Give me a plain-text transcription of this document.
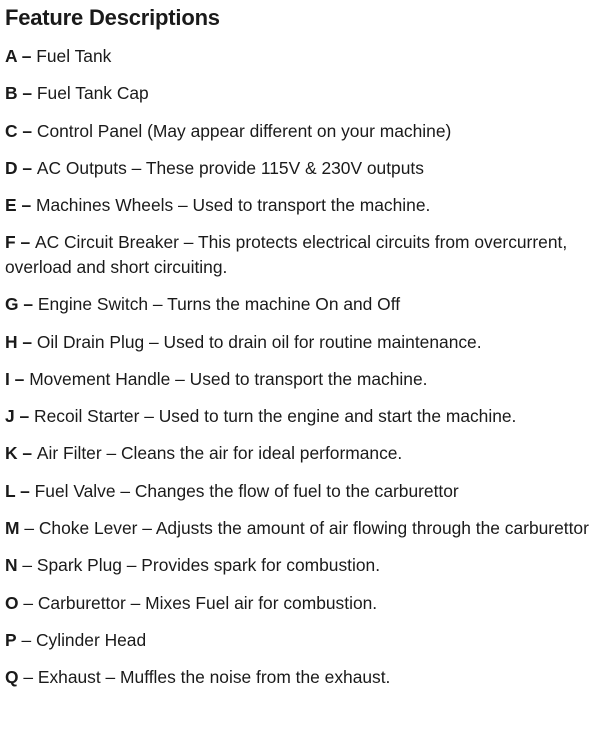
Feature Descriptions
A – Fuel Tank
B – Fuel Tank Cap
C – Control Panel (May appear different on your machine)
D – AC Outputs – These provide 115V & 230V outputs
E – Machines Wheels – Used to transport the machine.
F – AC Circuit Breaker – This protects electrical circuits from overcurrent, overload and short circuiting.
G – Engine Switch – Turns the machine On and Off
H – Oil Drain Plug – Used to drain oil for routine maintenance.
I – Movement Handle – Used to transport the machine.
J – Recoil Starter – Used to turn the engine and start the machine.
K – Air Filter – Cleans the air for ideal performance.
L – Fuel Valve – Changes the flow of fuel to the carburettor
M – Choke Lever – Adjusts the amount of air flowing through the carburettor
N – Spark Plug – Provides spark for combustion.
O – Carburettor – Mixes Fuel air for combustion.
P – Cylinder Head
Q – Exhaust – Muffles the noise from the exhaust.
